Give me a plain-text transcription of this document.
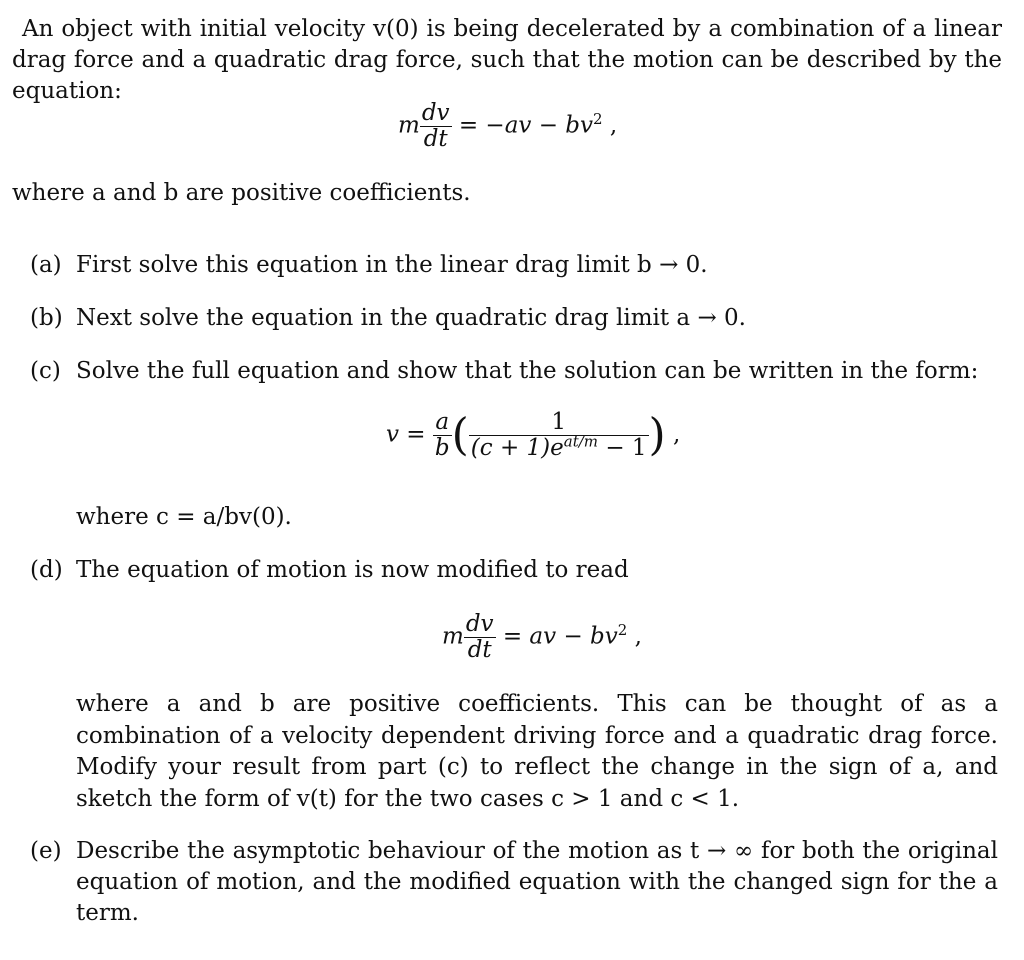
An object with initial velocity v(0) is being decelerated by a combination of a linear drag force and a quadratic drag force, such that the motion can be described by the equation:
m $\frac{dv}{dt} = -av - bv^2$ ,
where a and b are positive coefficients.
(a) First solve this equation in the linear drag limit b → 0.
(b) Next solve the equation in the quadratic drag limit a → 0.
(c) Solve the full equation and show that the solution can be written in the form:
$v = \frac{a}{b}$ ( $\frac{1}{(c + 1)e^{at/m} - 1}$ ) ,
where c = a/bv(0).
(d) The equation of motion is now modified to read
m $\frac{dv}{dt}$ = av − $bv^2$ ,
where a and b are positive coefficients. This can be thought of as a combination of a velocity dependent driving force and a quadratic drag force. Modify your result from part (c) to reflect the change in the sign of a, and sketch the form of v(t) for the two cases c > 1 and c < 1.
(e) Describe the asymptotic behaviour of the motion as t → ∞ for both the original equation of motion, and the modified equation with the changed sign for the a term.
